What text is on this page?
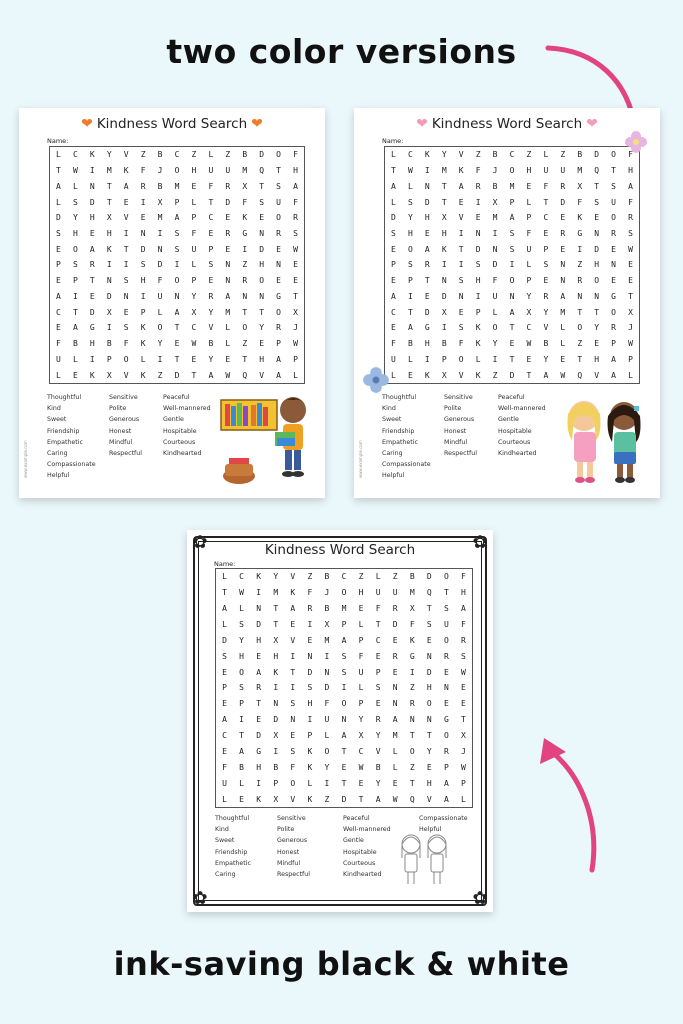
two color versions
❤ Kindness Word Search ❤
Name:
L	C	K	Y	V	Z	B	C	Z	L	Z	B	D	O	F
T	W	I	M	K	F	J	O	H	U	U	M	Q	T	H
A	L	N	T	A	R	B	M	E	F	R	X	T	S	A
L	S	D	T	E	I	X	P	L	T	D	F	S	U	F
D	Y	H	X	V	E	M	A	P	C	E	K	E	O	R
S	H	E	H	I	N	I	S	F	E	R	G	N	R	S
E	O	A	K	T	D	N	S	U	P	E	I	D	E	W
P	S	R	I	I	S	D	I	L	S	N	Z	H	N	E
E	P	T	N	S	H	F	O	P	E	N	R	O	E	E
A	I	E	D	N	I	U	N	Y	R	A	N	N	G	T
C	T	D	X	E	P	L	A	X	Y	M	T	T	O	X
E	A	G	I	S	K	O	T	C	V	L	O	Y	R	J
F	B	H	B	F	K	Y	E	W	B	L	Z	E	P	W
U	L	I	P	O	L	I	T	E	Y	E	T	H	A	P
L	E	K	X	V	K	Z	D	T	A	W	Q	V	A	L
Thoughtful
Kind
Sweet
Friendship
Empathetic
Caring
Compassionate
Helpful
Sensitive
Polite
Generous
Honest
Mindful
Respectful
Peaceful
Well-mannered
Gentle
Hospitable
Courteous
Kindhearted
www.example.com
❤ Kindness Word Search ❤
Name:
L	C	K	Y	V	Z	B	C	Z	L	Z	B	D	O	F
T	W	I	M	K	F	J	O	H	U	U	M	Q	T	H
A	L	N	T	A	R	B	M	E	F	R	X	T	S	A
L	S	D	T	E	I	X	P	L	T	D	F	S	U	F
D	Y	H	X	V	E	M	A	P	C	E	K	E	O	R
S	H	E	H	I	N	I	S	F	E	R	G	N	R	S
E	O	A	K	T	D	N	S	U	P	E	I	D	E	W
P	S	R	I	I	S	D	I	L	S	N	Z	H	N	E
E	P	T	N	S	H	F	O	P	E	N	R	O	E	E
A	I	E	D	N	I	U	N	Y	R	A	N	N	G	T
C	T	D	X	E	P	L	A	X	Y	M	T	T	O	X
E	A	G	I	S	K	O	T	C	V	L	O	Y	R	J
F	B	H	B	F	K	Y	E	W	B	L	Z	E	P	W
U	L	I	P	O	L	I	T	E	Y	E	T	H	A	P
L	E	K	X	V	K	Z	D	T	A	W	Q	V	A	L
Thoughtful
Kind
Sweet
Friendship
Empathetic
Caring
Compassionate
Helpful
Sensitive
Polite
Generous
Honest
Mindful
Respectful
Peaceful
Well-mannered
Gentle
Hospitable
Courteous
Kindhearted
www.example.com
✿	✿
✿	✿
Kindness Word Search
Name:
L	C	K	Y	V	Z	B	C	Z	L	Z	B	D	O	F
T	W	I	M	K	F	J	O	H	U	U	M	Q	T	H
A	L	N	T	A	R	B	M	E	F	R	X	T	S	A
L	S	D	T	E	I	X	P	L	T	D	F	S	U	F
D	Y	H	X	V	E	M	A	P	C	E	K	E	O	R
S	H	E	H	I	N	I	S	F	E	R	G	N	R	S
E	O	A	K	T	D	N	S	U	P	E	I	D	E	W
P	S	R	I	I	S	D	I	L	S	N	Z	H	N	E
E	P	T	N	S	H	F	O	P	E	N	R	O	E	E
A	I	E	D	N	I	U	N	Y	R	A	N	N	G	T
C	T	D	X	E	P	L	A	X	Y	M	T	T	O	X
E	A	G	I	S	K	O	T	C	V	L	O	Y	R	J
F	B	H	B	F	K	Y	E	W	B	L	Z	E	P	W
U	L	I	P	O	L	I	T	E	Y	E	T	H	A	P
L	E	K	X	V	K	Z	D	T	A	W	Q	V	A	L
Thoughtful
Kind
Sweet
Friendship
Empathetic
Caring
Sensitive
Polite
Generous
Honest
Mindful
Respectful
Peaceful
Well-mannered
Gentle
Hospitable
Courteous
Kindhearted
Compassionate
Helpful
ink-saving black & white
